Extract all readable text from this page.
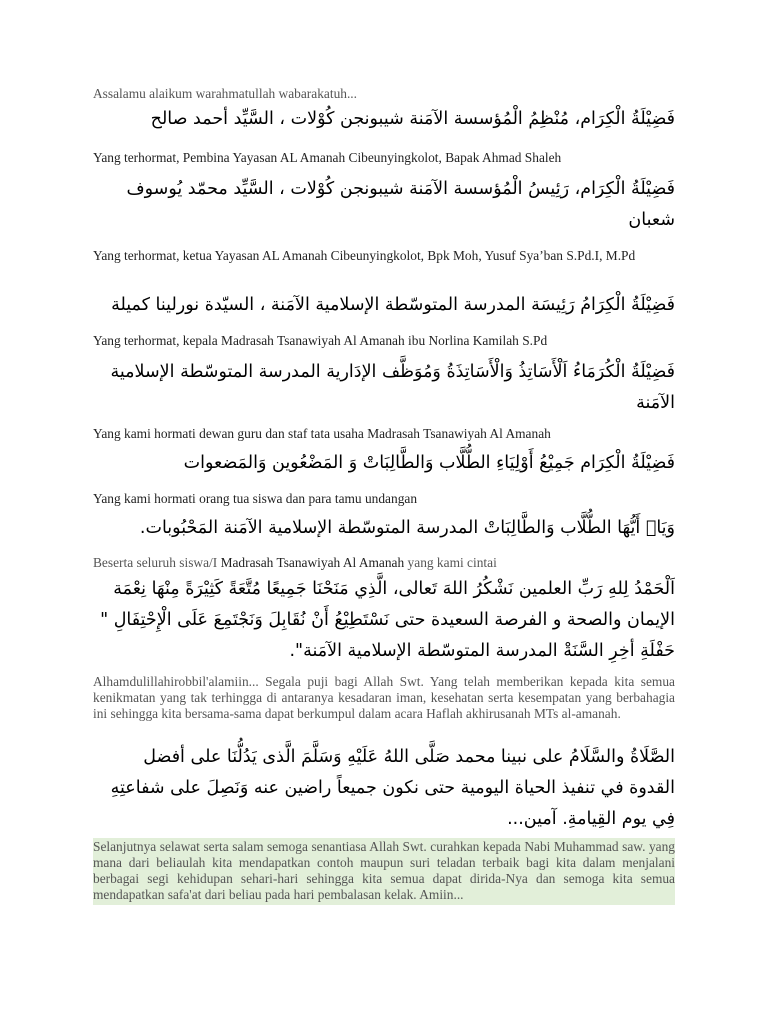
Assalamu alaikum warahmatullah wabarakatuh...
فَضِيْلَةُ الْكِرَام، مُنْظِمُ الْمُؤسسة الآمَنة شيبونجن كُوْلات ، السَّيِّد أحمد صالح
Yang terhormat, Pembina Yayasan AL Amanah Cibeunyingkolot, Bapak Ahmad Shaleh
فَضِيْلَةُ الْكِرَام، رَئِيسُ الْمُؤسسة الآمَنة شيبونجن كُوْلات ، السَّيِّد محمّد يُوسوف شعبان
Yang terhormat, ketua Yayasan AL Amanah Cibeunyingkolot, Bpk Moh, Yusuf Sya’ban S.Pd.I, M.Pd
فَضِيْلَةُ الْكِرَامُ رَئِيسَة المدرسة المتوسّطة الإسلامية الآمَنة ، السيّدة نورلينا كميلة
Yang terhormat, kepala Madrasah Tsanawiyah Al Amanah ibu Norlina Kamilah S.Pd
فَضِيْلَةُ الْكُرَمَاءُ اَلْأَسَاتِذُ وَالْأَسَاتِذَةُ وَمُوَظَّف الإدَارية المدرسة المتوسّطة الإسلامية الآمَنة
Yang kami hormati dewan guru dan staf tata usaha Madrasah Tsanawiyah Al Amanah
فَضِيْلَةُ الْكِرَام جَمِيْعُ أَوْلِيَاءِ الطُّلَّاب وَالطَّالِبَاتْ وَ المَضْعُوين وَالمَضعوات
Yang kami hormati orang tua siswa dan para tamu undangan
وَيَاۤ أَيُّهَا الطُّلَّاب وَالطَّالِبَاتْ المدرسة المتوسّطة الإسلامية الآمَنة المَحْبُوبات.
Beserta seluruh siswa/I Madrasah Tsanawiyah Al Amanah yang kami cintai
اَلْحَمْدُ لِلهِ رَبِّ العلمين نَشْكُرُ اللهَ تَعالى، الَّذِي مَنَحْنَا جَمِيعًا مُتَّعَةً كَثِيْرَةً مِنْهَا نِعْمَة الإيمان والصحة و الفرصة السعيدة حتى نَسْتَطِيْعُ أَنْ نُقَابِلَ وَنَجْتَمِعَ عَلَى الْإِحْتِفَالِ " حَفْلَةِ أخِرِ السَّنَةْ المدرسة المتوسّطة الإسلامية الآمَنة".
Alhamdulillahirobbil'alamiin... Segala puji bagi Allah Swt. Yang telah memberikan kepada kita semua kenikmatan yang tak terhingga di antaranya kesadaran iman, kesehatan serta kesempatan yang berbahagia ini sehingga kita bersama-sama dapat berkumpul dalam acara Haflah akhirusanah MTs al-amanah.
الصَّلَاةُ والسَّلَامُ على نبينا محمد صَلَّى اللهُ عَلَيْهِ وَسَلَّمَ الَّذى يَدُلُّنَا على أفضل القدوة في تنفيذ الحياة اليومية حتى نكون جميعاً راضين عنه وَنَصِلَ على شفاعتِهِ فِي يوم القِيامةِ. آمين...
Selanjutnya selawat serta salam semoga senantiasa Allah Swt. curahkan kepada Nabi Muhammad saw. yang mana dari beliaulah kita mendapatkan contoh maupun suri teladan terbaik bagi kita dalam menjalani berbagai segi kehidupan sehari-hari sehingga kita semua dapat dirida-Nya dan semoga kita semua mendapatkan safa'at dari beliau pada hari pembalasan kelak. Amiin...
